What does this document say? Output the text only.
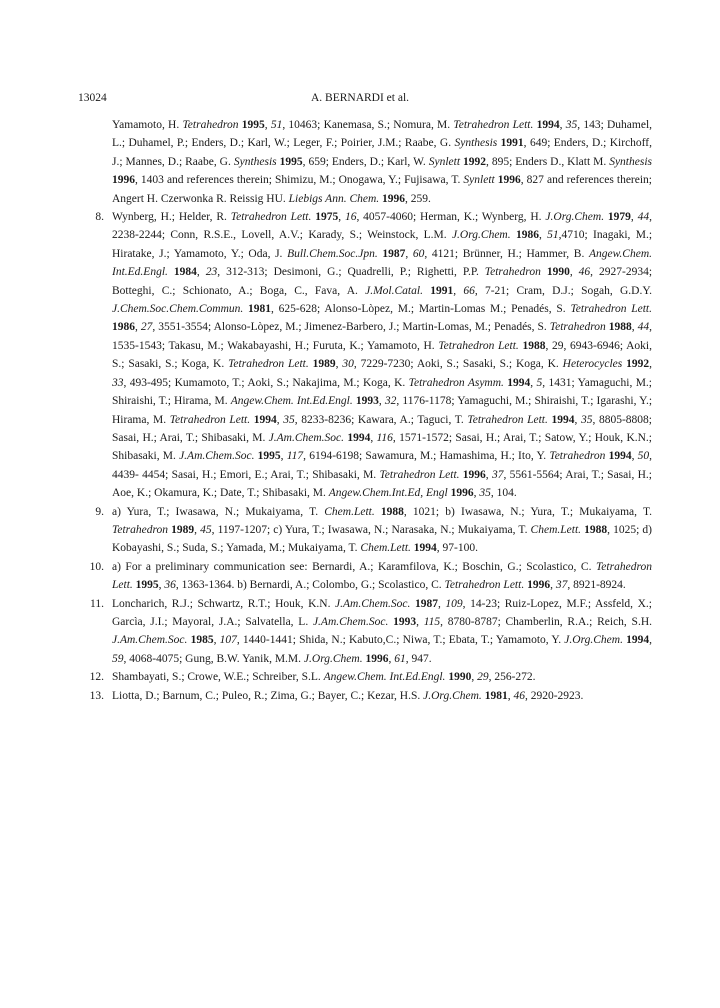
13024	A. BERNARDI et al.
Yamamoto, H. Tetrahedron 1995, 51, 10463; Kanemasa, S.; Nomura, M. Tetrahedron Lett. 1994, 35, 143; Duhamel, L.; Duhamel, P.; Enders, D.; Karl, W.; Leger, F.; Poirier, J.M.; Raabe, G. Synthesis 1991, 649; Enders, D.; Kirchoff, J.; Mannes, D.; Raabe, G. Synthesis 1995, 659; Enders, D.; Karl, W. Synlett 1992, 895; Enders D., Klatt M. Synthesis 1996, 1403 and references therein; Shimizu, M.; Onogawa, Y.; Fujisawa, T. Synlett 1996, 827 and references therein; Angert H. Czerwonka R. Reissig HU. Liebigs Ann. Chem. 1996, 259.
8. Wynberg, H.; Helder, R. Tetrahedron Lett. 1975, 16, 4057-4060; Herman, K.; Wynberg, H. J.Org.Chem. 1979, 44, 2238-2244; Conn, R.S.E., Lovell, A.V.; Karady, S.; Weinstock, L.M. J.Org.Chem. 1986, 51,4710; Inagaki, M.; Hiratake, J.; Yamamoto, Y.; Oda, J. Bull.Chem.Soc.Jpn. 1987, 60, 4121; Brünner, H.; Hammer, B. Angew.Chem. Int.Ed.Engl. 1984, 23, 312-313; Desimoni, G.; Quadrelli, P.; Righetti, P.P. Tetrahedron 1990, 46, 2927-2934; Botteghi, C.; Schionato, A.; Boga, C., Fava, A. J.Mol.Catal. 1991, 66, 7-21; Cram, D.J.; Sogah, G.D.Y. J.Chem.Soc.Chem.Commun. 1981, 625-628; Alonso-Lòpez, M.; Martin-Lomas M.; Penadés, S. Tetrahedron Lett. 1986, 27, 3551-3554; Alonso-Lòpez, M.; Jimenez-Barbero, J.; Martin-Lomas, M.; Penadés, S. Tetrahedron 1988, 44, 1535-1543; Takasu, M.; Wakabayashi, H.; Furuta, K.; Yamamoto, H. Tetrahedron Lett. 1988, 29, 6943-6946; Aoki, S.; Sasaki, S.; Koga, K. Tetrahedron Lett. 1989, 30, 7229-7230; Aoki, S.; Sasaki, S.; Koga, K. Heterocycles 1992, 33, 493-495; Kumamoto, T.; Aoki, S.; Nakajima, M.; Koga, K. Tetrahedron Asymm. 1994, 5, 1431; Yamaguchi, M.; Shiraishi, T.; Hirama, M. Angew.Chem. Int.Ed.Engl. 1993, 32, 1176-1178; Yamaguchi, M.; Shiraishi, T.; Igarashi, Y.; Hirama, M. Tetrahedron Lett. 1994, 35, 8233-8236; Kawara, A.; Taguci, T. Tetrahedron Lett. 1994, 35, 8805-8808; Sasai, H.; Arai, T.; Shibasaki, M. J.Am.Chem.Soc. 1994, 116, 1571-1572; Sasai, H.; Arai, T.; Satow, Y.; Houk, K.N.; Shibasaki, M. J.Am.Chem.Soc. 1995, 117, 6194-6198; Sawamura, M.; Hamashima, H.; Ito, Y. Tetrahedron 1994, 50, 4439- 4454; Sasai, H.; Emori, E.; Arai, T.; Shibasaki, M. Tetrahedron Lett. 1996, 37, 5561-5564; Arai, T.; Sasai, H.; Aoe, K.; Okamura, K.; Date, T.; Shibasaki, M. Angew.Chem.Int.Ed, Engl 1996, 35, 104.
9. a) Yura, T.; Iwasawa, N.; Mukaiyama, T. Chem.Lett. 1988, 1021; b) Iwasawa, N.; Yura, T.; Mukaiyama, T. Tetrahedron 1989, 45, 1197-1207; c) Yura, T.; Iwasawa, N.; Narasaka, N.; Mukaiyama, T. Chem.Lett. 1988, 1025; d) Kobayashi, S.; Suda, S.; Yamada, M.; Mukaiyama, T. Chem.Lett. 1994, 97-100.
10. a) For a preliminary communication see: Bernardi, A.; Karamfilova, K.; Boschin, G.; Scolastico, C. Tetrahedron Lett. 1995, 36, 1363-1364. b) Bernardi, A.; Colombo, G.; Scolastico, C. Tetrahedron Lett. 1996, 37, 8921-8924.
11. Loncharich, R.J.; Schwartz, R.T.; Houk, K.N. J.Am.Chem.Soc. 1987, 109, 14-23; Ruiz-Lopez, M.F.; Assfeld, X.; Garcìa, J.I.; Mayoral, J.A.; Salvatella, L. J.Am.Chem.Soc. 1993, 115, 8780-8787; Chamberlin, R.A.; Reich, S.H. J.Am.Chem.Soc. 1985, 107, 1440-1441; Shida, N.; Kabuto,C.; Niwa, T.; Ebata, T.; Yamamoto, Y. J.Org.Chem. 1994, 59, 4068-4075; Gung, B.W. Yanik, M.M. J.Org.Chem. 1996, 61, 947.
12. Shambayati, S.; Crowe, W.E.; Schreiber, S.L. Angew.Chem. Int.Ed.Engl. 1990, 29, 256-272.
13. Liotta, D.; Barnum, C.; Puleo, R.; Zima, G.; Bayer, C.; Kezar, H.S. J.Org.Chem. 1981, 46, 2920-2923.
